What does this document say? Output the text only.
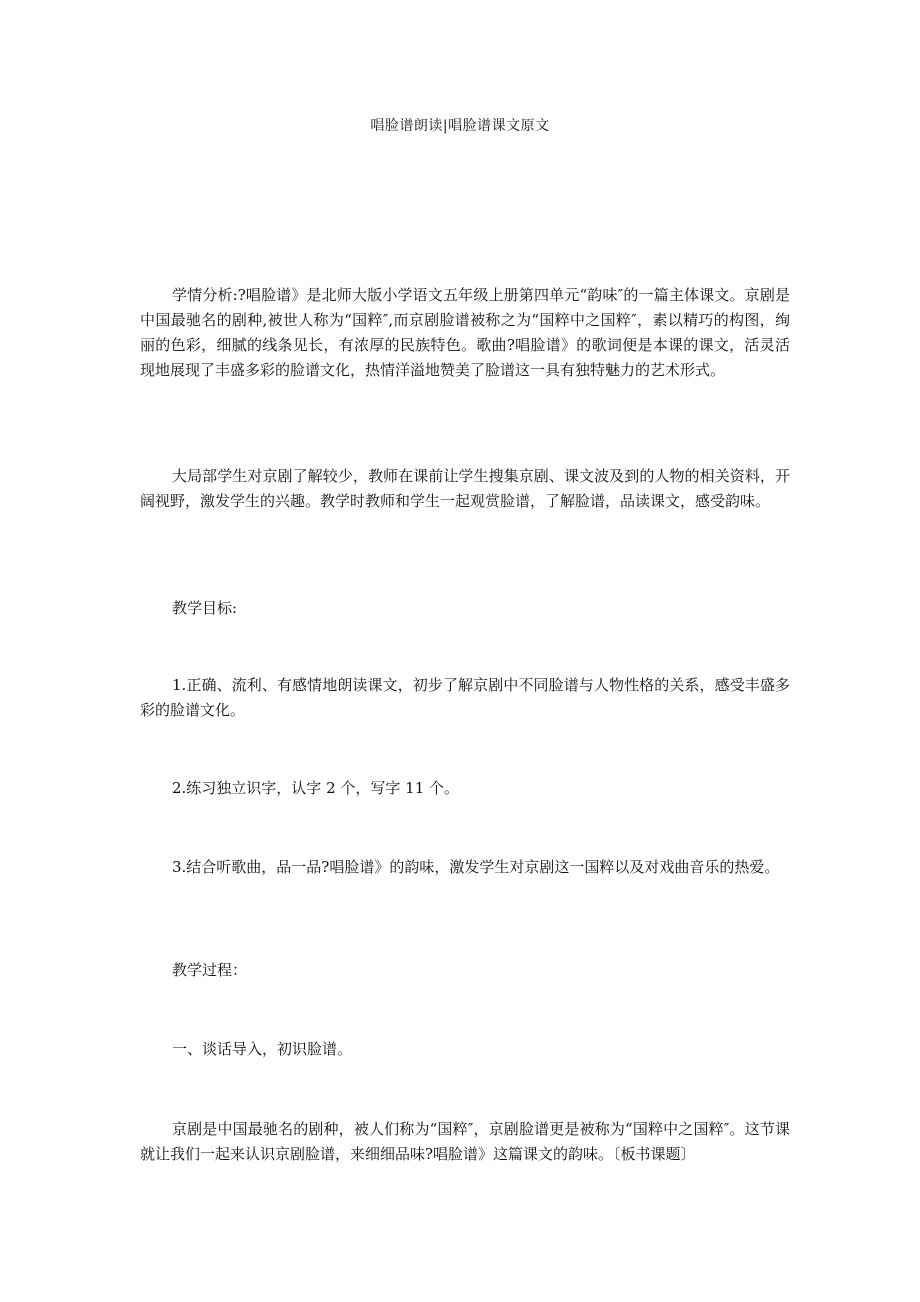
唱脸谱朗读|唱脸谱课文原文

学情分析:?唱脸谱》是北师大版小学语文五年级上册第四单元“韵味″的一篇主体课文。京剧是中国最驰名的剧种,被世人称为“国粹″,而京剧脸谱被称之为“国粹中之国粹″，素以精巧的构图，绚丽的色彩，细腻的线条见长，有浓厚的民族特色。歌曲?唱脸谱》的歌词便是本课的课文，活灵活现地展现了丰盛多彩的脸谱文化，热情洋溢地赞美了脸谱这一具有独特魅力的艺术形式。

大局部学生对京剧了解较少，教师在课前让学生搜集京剧、课文波及到的人物的相关资料，开阔视野，激发学生的兴趣。教学时教师和学生一起观赏脸谱，了解脸谱，品读课文，感受韵味。

教学目标:

1.正确、流利、有感情地朗读课文，初步了解京剧中不同脸谱与人物性格的关系，感受丰盛多彩的脸谱文化。

2.练习独立识字，认字 2 个，写字 11 个。

3.结合听歌曲，品一品?唱脸谱》的韵味，激发学生对京剧这一国粹以及对戏曲音乐的热爱。

教学过程：

一、谈话导入，初识脸谱。

京剧是中国最驰名的剧种，被人们称为“国粹″，京剧脸谱更是被称为“国粹中之国粹″。这节课就让我们一起来认识京剧脸谱，来细细品味?唱脸谱》这篇课文的韵味。〔板书课题〕
